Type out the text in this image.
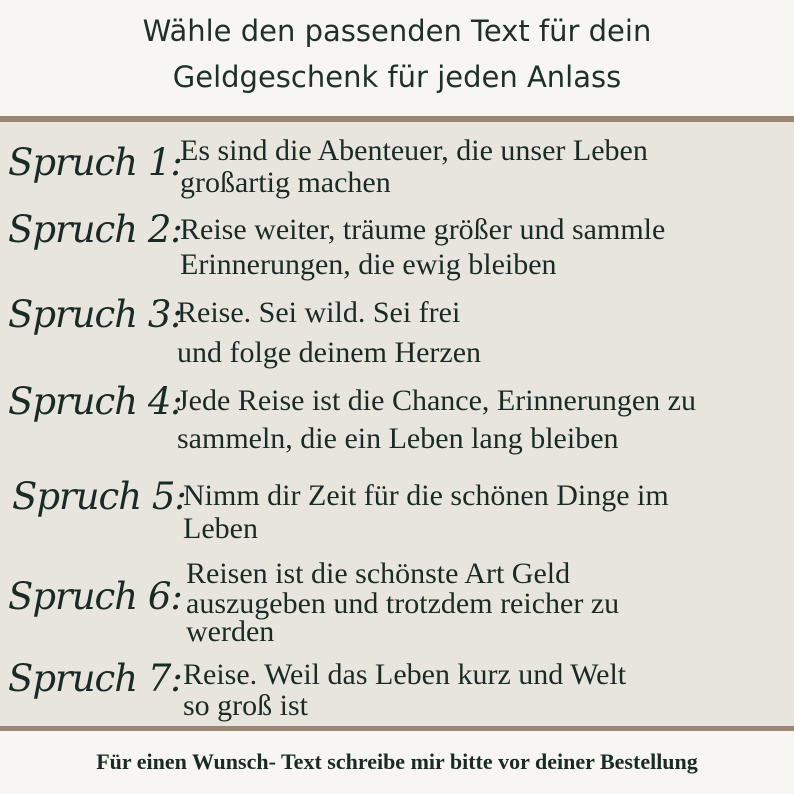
Wähle den passenden Text für dein
Geldgeschenk für jeden Anlass
Spruch 1:
Es sind die Abenteuer, die unser Leben
großartig machen
Spruch 2:
Reise weiter, träume größer und sammle
Erinnerungen, die ewig bleiben
Spruch 3:
Reise. Sei wild. Sei frei
und folge deinem Herzen
Spruch 4:
Jede Reise ist die Chance, Erinnerungen zu
sammeln, die ein Leben lang bleiben
Spruch 5:
Nimm dir Zeit für die schönen Dinge im
Leben
Spruch 6:
Reisen ist die schönste Art Geld
auszugeben und trotzdem reicher zu
werden
Spruch 7: Reise. Weil das Leben kurz und Welt
so groß ist
Für einen Wunsch- Text schreibe mir bitte vor deiner Bestellung
